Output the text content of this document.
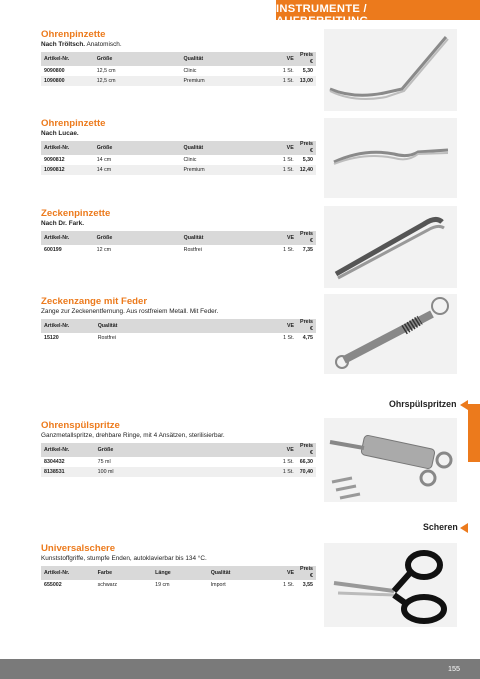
INSTRUMENTE / AUFBEREITUNG

Ohrenpinzette

Nach Tröltsch. Anatomisch.

Artikel-Nr.	Größe	Qualität	VE	Preis €
9090800	12,5 cm	Clinic	1 St.	5,30
1090800	12,5 cm	Premium	1 St.	13,00

Ohrenpinzette

Nach Lucae.

Artikel-Nr.	Größe	Qualität	VE	Preis €
9090812	14 cm	Clinic	1 St.	5,30
1090812	14 cm	Premium	1 St.	12,40

Zeckenpinzette

Nach Dr. Fark.

Artikel-Nr.	Größe	Qualität	VE	Preis €
600199	12 cm	Rostfrei	1 St.	7,35

Zeckenzange mit Feder

Zange zur Zeckenentfernung. Aus rostfreiem Metall. Mit Feder.

Artikel-Nr.	Qualität	VE	Preis €
15120	Rostfrei	1 St.	4,75
Ohrspülspritzen

Ohrenspülspritze

Ganzmetallspritze, drehbare Ringe, mit 4 Ansätzen, sterilisierbar.

Artikel-Nr.	Größe	VE	Preis €
8304432	75 ml	1 St.	66,30
8138531	100 ml	1 St.	70,40
Scheren

Universalschere

Kunststoffgriffe, stumpfe Enden, autoklavierbar bis 134 °C.

Artikel-Nr.	Farbe	Länge	Qualität	VE	Preis €
655002	schwarz	19 cm	Import	1 St.	3,55
155
